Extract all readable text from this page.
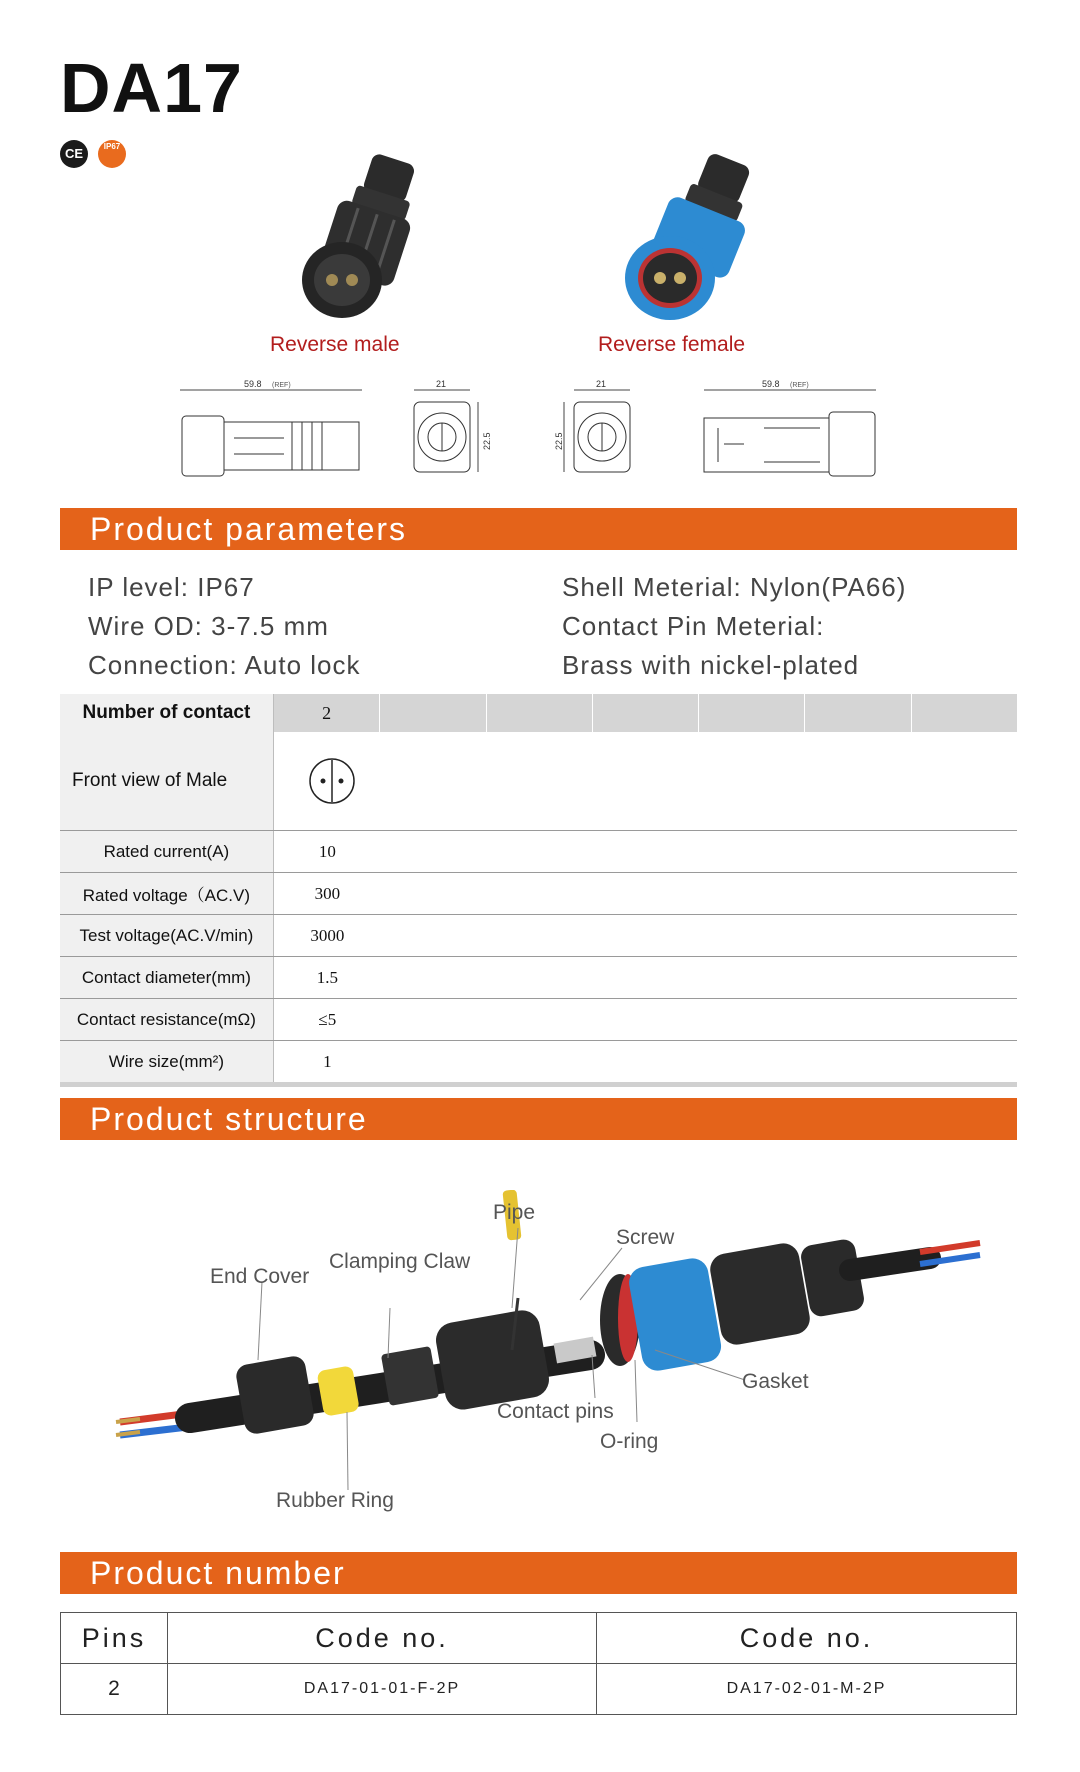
DA17
CE	IP67
Reverse male	Reverse female
59.8 (REF)	21
22.5
21
22.5
59.8 (REF)
Product parameters
IP level: IP67
Wire OD: 3-7.5 mm
Connection: Auto lock
Shell Meterial: Nylon(PA66)
Contact Pin Meterial:
Brass with nickel-plated
Number of contact	2						
Front view of Male	

Rated current(A)	10						
Rated voltage（AC.V)	300						
Test voltage(AC.V/min)	3000						
Contact diameter(mm)	1.5						
Contact resistance(mΩ)	≤5						
Wire size(mm²)	1						
Product structure
Pipe
Screw
End Cover
Clamping Claw
Gasket
Contact pins
O-ring
Rubber Ring
Product number
Pins	Code no.	Code no.
2	DA17-01-01-F-2P	DA17-02-01-M-2P
